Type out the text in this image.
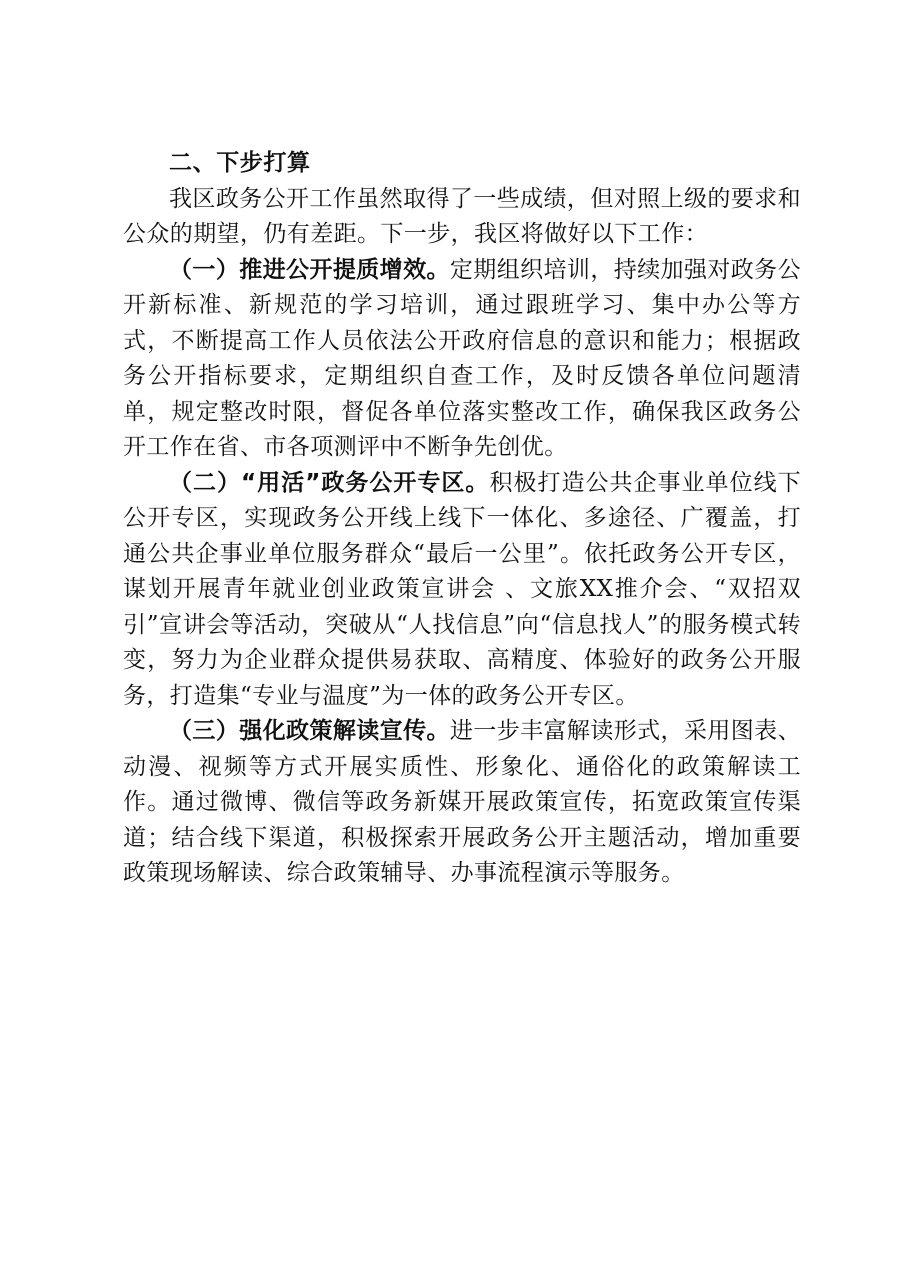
二、下步打算

我区政务公开工作虽然取得了一些成绩，但对照上级的要求和公众的期望，仍有差距。下一步，我区将做好以下工作：

（一）推进公开提质增效。定期组织培训，持续加强对政务公开新标准、新规范的学习培训，通过跟班学习、集中办公等方式，不断提高工作人员依法公开政府信息的意识和能力；根据政务公开指标要求，定期组织自查工作，及时反馈各单位问题清单，规定整改时限，督促各单位落实整改工作，确保我区政务公开工作在省、市各项测评中不断争先创优。

（二）“用活”政务公开专区。积极打造公共企事业单位线下公开专区，实现政务公开线上线下一体化、多途径、广覆盖，打通公共企事业单位服务群众“最后一公里”。依托政务公开专区，谋划开展青年就业创业政策宣讲会 、文旅XX推介会、“双招双引”宣讲会等活动，突破从“人找信息”向“信息找人”的服务模式转变，努力为企业群众提供易获取、高精度、体验好的政务公开服务，打造集“专业与温度”为一体的政务公开专区。

（三）强化政策解读宣传。进一步丰富解读形式，采用图表、动漫、视频等方式开展实质性、形象化、通俗化的政策解读工作。通过微博、微信等政务新媒开展政策宣传，拓宽政策宣传渠道；结合线下渠道，积极探索开展政务公开主题活动，增加重要政策现场解读、综合政策辅导、办事流程演示等服务。
